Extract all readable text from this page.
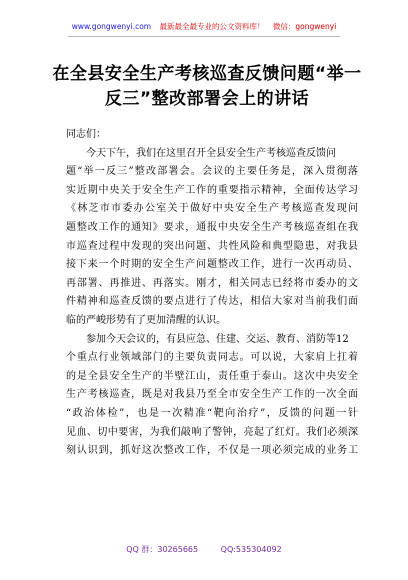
www.gongwenyi.com 最新最全最专业的公文资料库！ 微信：gongwenyi
在全县安全生产考核巡查反馈问题“举一
反三”整改部署会上的讲话
同志们：
　　今天下午，我们在这里召开全县安全生产考核巡查反馈问
题“举一反三”整改部署会。会议的主要任务是，深入贯彻落
实近期中央关于安全生产工作的重要指示精神，全面传达学习
《林芝市市委办公室关于做好中央安全生产考核巡查发现问
题整改工作的通知》要求，通报中央安全生产考核巡查组在我
市巡查过程中发现的突出问题、共性风险和典型隐患，对我县
接下来一个时期的安全生产问题整改工作，进行一次再动员、
再部署、再推进、再落实。刚才，相关同志已经将市委办的文
件精神和巡查反馈的要点进行了传达，相信大家对当前我们面
临的严峻形势有了更加清醒的认识。
　　参加今天会议的，有县应急、住建、交运、教育、消防等12
个重点行业领域部门的主要负责同志。可以说，大家肩上扛着
的是全县安全生产的半壁江山，责任重于泰山。这次中央安全
生产考核巡查，既是对我县乃至全市安全生产工作的一次全面
“政治体检”，也是一次精准“靶向治疗”，反馈的问题一针
见血、切中要害，为我们敲响了警钟，亮起了红灯。我们必须深
刻认识到，抓好这次整改工作，不仅是一项必须完成的业务工
QQ 群：30265665	QQ:535304092
